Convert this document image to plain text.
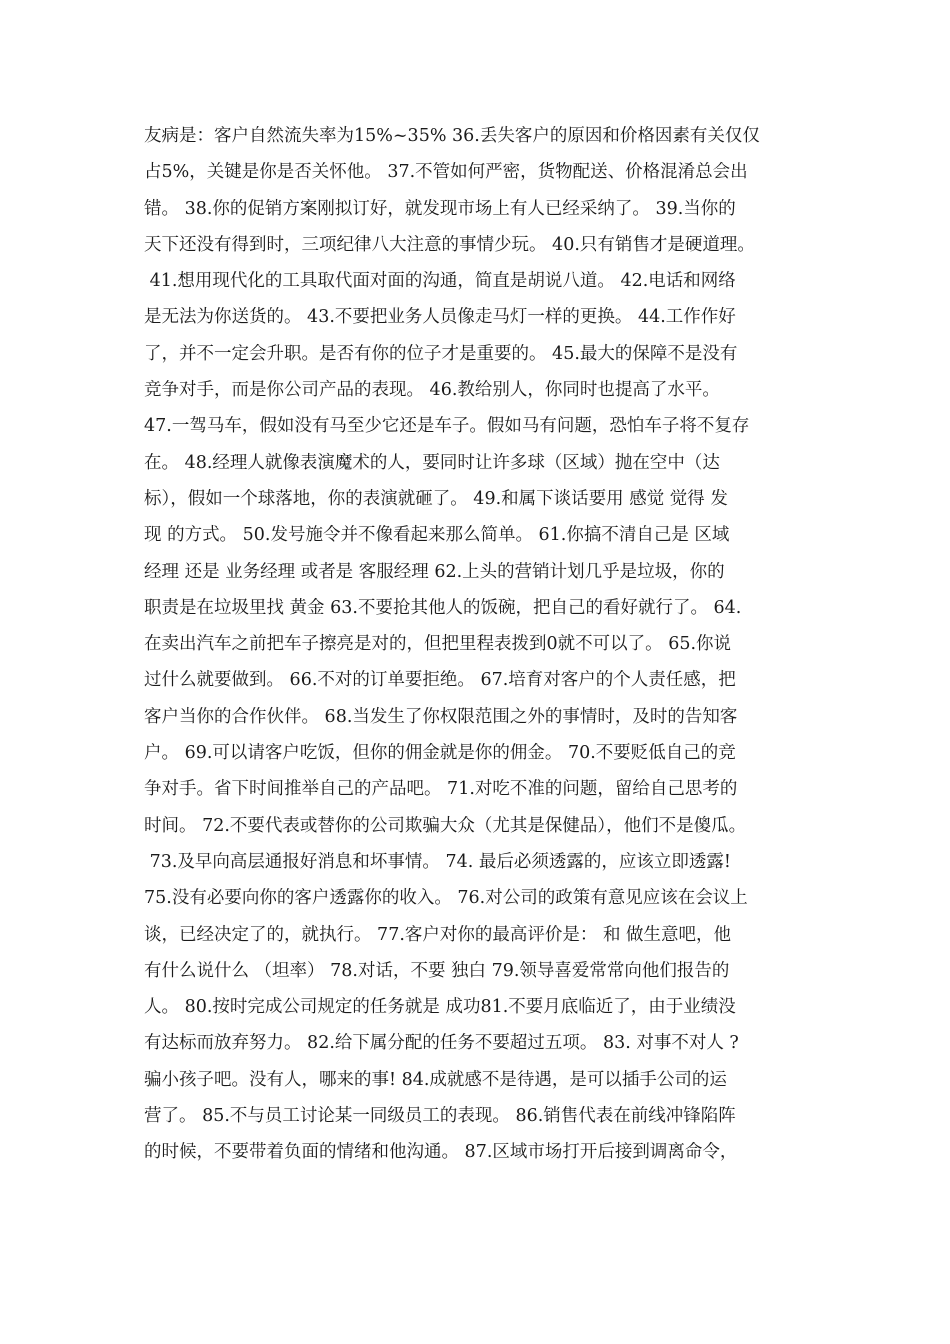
友病是：客户自然流失率为15%~35% 36.丢失客户的原因和价格因素有关仅仅
占5%，关键是你是否关怀他。 37.不管如何严密，货物配送、价格混淆总会出
错。 38.你的促销方案刚拟订好，就发现市场上有人已经采纳了。 39.当你的
天下还没有得到时，三项纪律八大注意的事情少玩。 40.只有销售才是硬道理。
41.想用现代化的工具取代面对面的沟通，简直是胡说八道。 42.电话和网络
是无法为你送货的。 43.不要把业务人员像走马灯一样的更换。 44.工作作好
了，并不一定会升职。是否有你的位子才是重要的。 45.最大的保障不是没有
竞争对手，而是你公司产品的表现。 46.教给别人，你同时也提高了水平。
47.一驾马车，假如没有马至少它还是车子。假如马有问题，恐怕车子将不复存
在。 48.经理人就像表演魔术的人，要同时让许多球（区域）抛在空中（达
标），假如一个球落地，你的表演就砸了。 49.和属下谈话要用 感觉 觉得 发
现 的方式。 50.发号施令并不像看起来那么简单。 61.你搞不清自己是 区域
经理 还是 业务经理 或者是 客服经理 62.上头的营销计划几乎是垃圾，你的
职责是在垃圾里找 黄金 63.不要抢其他人的饭碗，把自己的看好就行了。 64.
在卖出汽车之前把车子擦亮是对的，但把里程表拨到0就不可以了。 65.你说
过什么就要做到。 66.不对的订单要拒绝。 67.培育对客户的个人责任感，把
客户当你的合作伙伴。 68.当发生了你权限范围之外的事情时，及时的告知客
户。 69.可以请客户吃饭，但你的佣金就是你的佣金。 70.不要贬低自己的竞
争对手。省下时间推举自己的产品吧。 71.对吃不准的问题，留给自己思考的
时间。 72.不要代表或替你的公司欺骗大众（尤其是保健品），他们不是傻瓜。
73.及早向高层通报好消息和坏事情。 74. 最后必须透露的，应该立即透露!
75.没有必要向你的客户透露你的收入。 76.对公司的政策有意见应该在会议上
谈，已经决定了的，就执行。 77.客户对你的最高评价是： 和 做生意吧，他
有什么说什么 （坦率） 78.对话，不要 独白 79.领导喜爱常常向他们报告的
人。 80.按时完成公司规定的任务就是 成功81.不要月底临近了，由于业绩没
有达标而放弃努力。 82.给下属分配的任务不要超过五项。 83. 对事不对人 ?
骗小孩子吧。没有人，哪来的事! 84.成就感不是待遇，是可以插手公司的运
营了。 85.不与员工讨论某一同级员工的表现。 86.销售代表在前线冲锋陷阵
的时候，不要带着负面的情绪和他沟通。 87.区域市场打开后接到调离命令，
